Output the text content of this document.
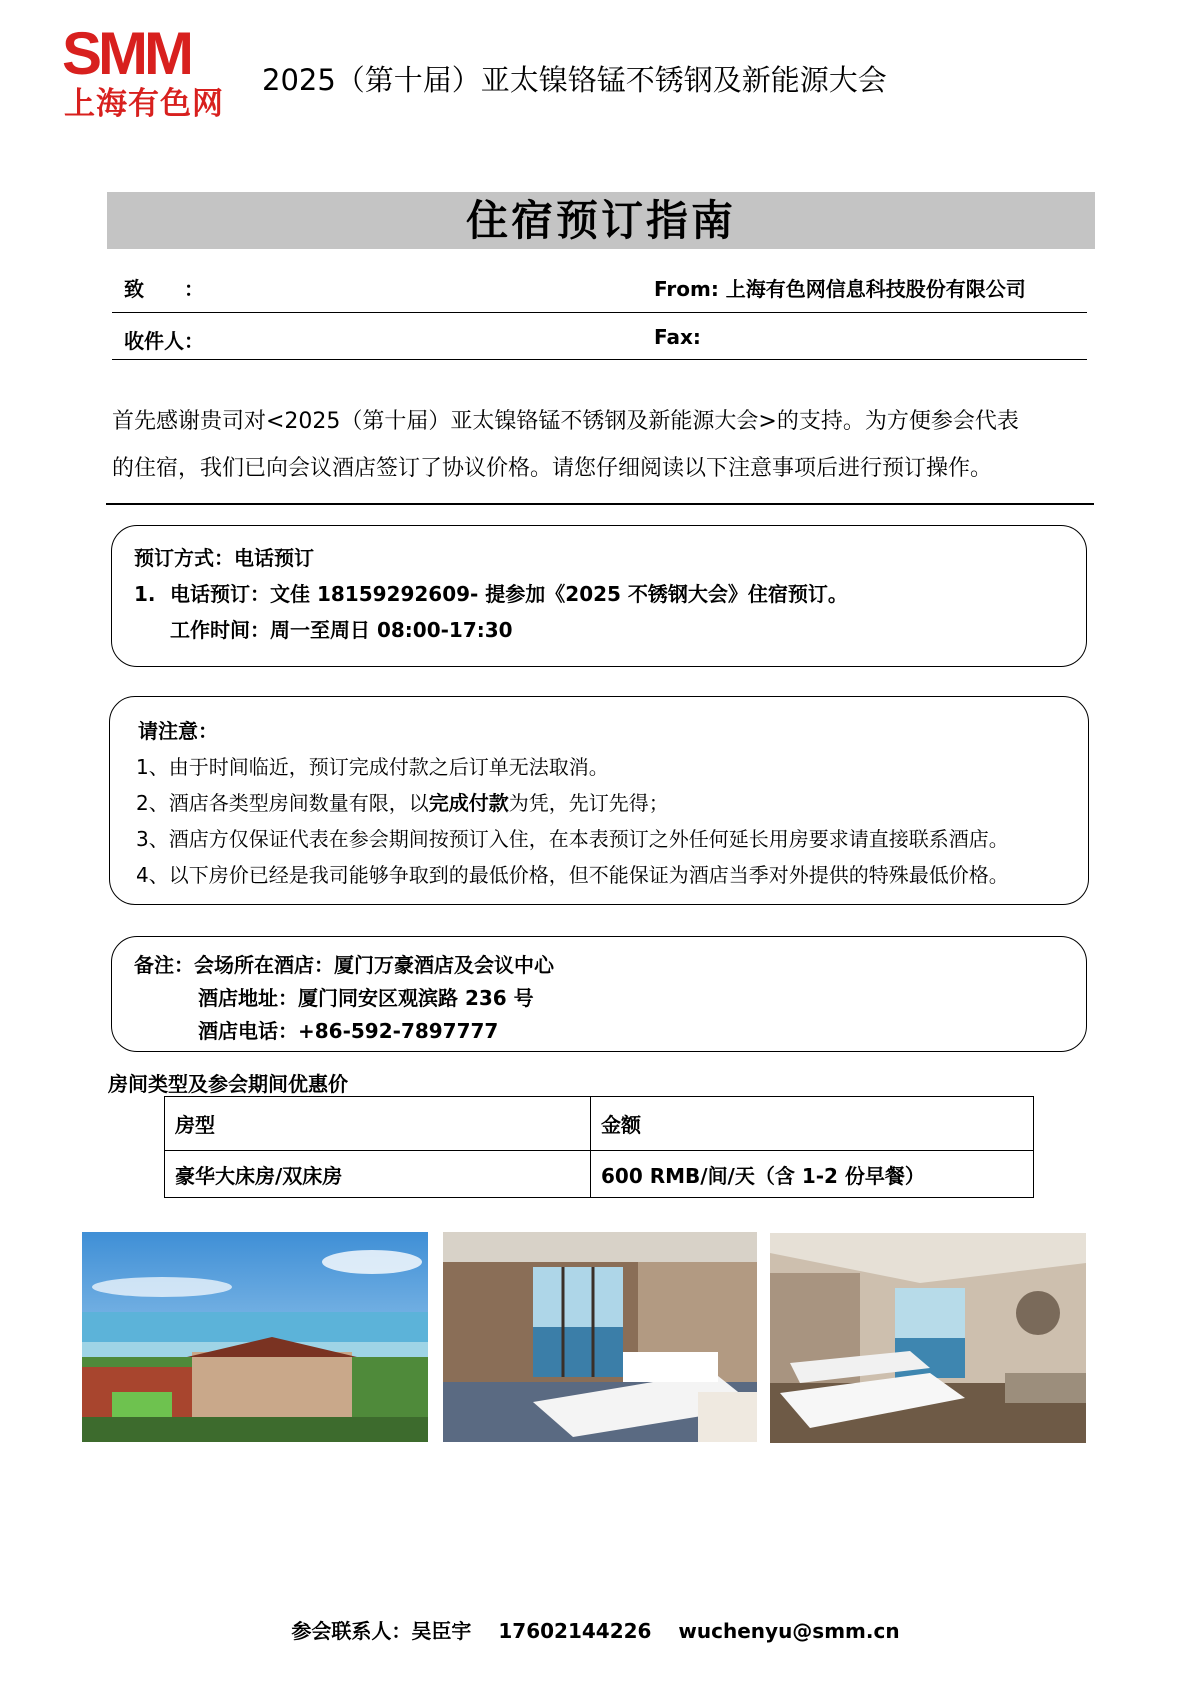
SMM
上海有色网
2025（第十届）亚太镍铬锰不锈钢及新能源大会
住宿预订指南
致　　：	From: 上海有色网信息科技股份有限公司
收件人：	Fax:
首先感谢贵司对<2025（第十届）亚太镍铬锰不锈钢及新能源大会>的支持。为方便参会代表
的住宿，我们已向会议酒店签订了协议价格。请您仔细阅读以下注意事项后进行预订操作。
预订方式：电话预订
1. 电话预订：文佳 18159292609- 提参加《2025 不锈钢大会》住宿预订。
工作时间：周一至周日 08:00-17:30
请注意：
1、由于时间临近，预订完成付款之后订单无法取消。
2、酒店各类型房间数量有限，以完成付款为凭，先订先得；
3、酒店方仅保证代表在参会期间按预订入住，在本表预订之外任何延长用房要求请直接联系酒店。
4、以下房价已经是我司能够争取到的最低价格，但不能保证为酒店当季对外提供的特殊最低价格。
备注：会场所在酒店：厦门万豪酒店及会议中心
酒店地址：厦门同安区观滨路 236 号
酒店电话：+86-592-7897777
房间类型及参会期间优惠价
房型	金额
豪华大床房/双床房	600 RMB/间/天（含 1-2 份早餐）
参会联系人：吴臣宇 17602144226 wuchenyu@smm.cn
